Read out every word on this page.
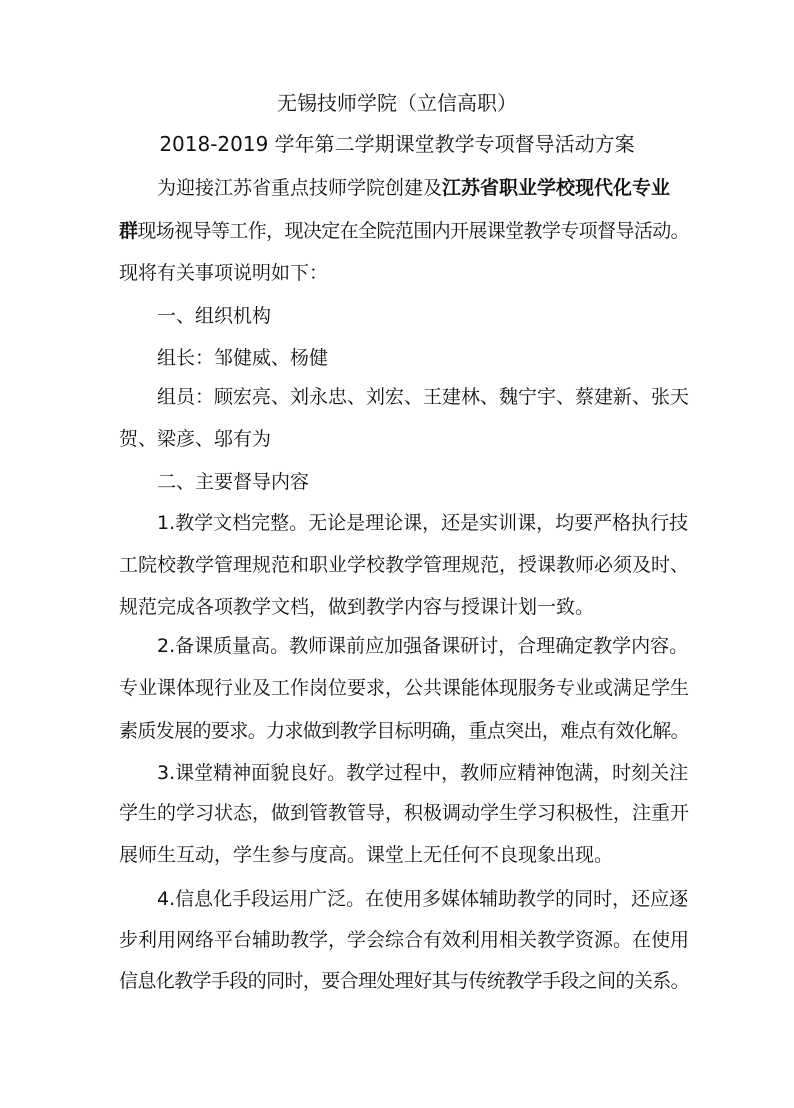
无锡技师学院（立信高职）
2018-2019 学年第二学期课堂教学专项督导活动方案
为迎接江苏省重点技师学院创建及江苏省职业学校现代化专业
群现场视导等工作，现决定在全院范围内开展课堂教学专项督导活动。
现将有关事项说明如下：
一、组织机构
组长：邹健威、杨健
组员：顾宏亮、刘永忠、刘宏、王建林、魏宁宇、蔡建新、张天
贺、梁彦、邬有为
二、主要督导内容
1.教学文档完整。无论是理论课，还是实训课，均要严格执行技
工院校教学管理规范和职业学校教学管理规范，授课教师必须及时、
规范完成各项教学文档，做到教学内容与授课计划一致。
2.备课质量高。教师课前应加强备课研讨，合理确定教学内容。
专业课体现行业及工作岗位要求，公共课能体现服务专业或满足学生
素质发展的要求。力求做到教学目标明确，重点突出，难点有效化解。
3.课堂精神面貌良好。教学过程中，教师应精神饱满，时刻关注
学生的学习状态，做到管教管导，积极调动学生学习积极性，注重开
展师生互动，学生参与度高。课堂上无任何不良现象出现。
4.信息化手段运用广泛。在使用多媒体辅助教学的同时，还应逐
步利用网络平台辅助教学，学会综合有效利用相关教学资源。在使用
信息化教学手段的同时，要合理处理好其与传统教学手段之间的关系。
